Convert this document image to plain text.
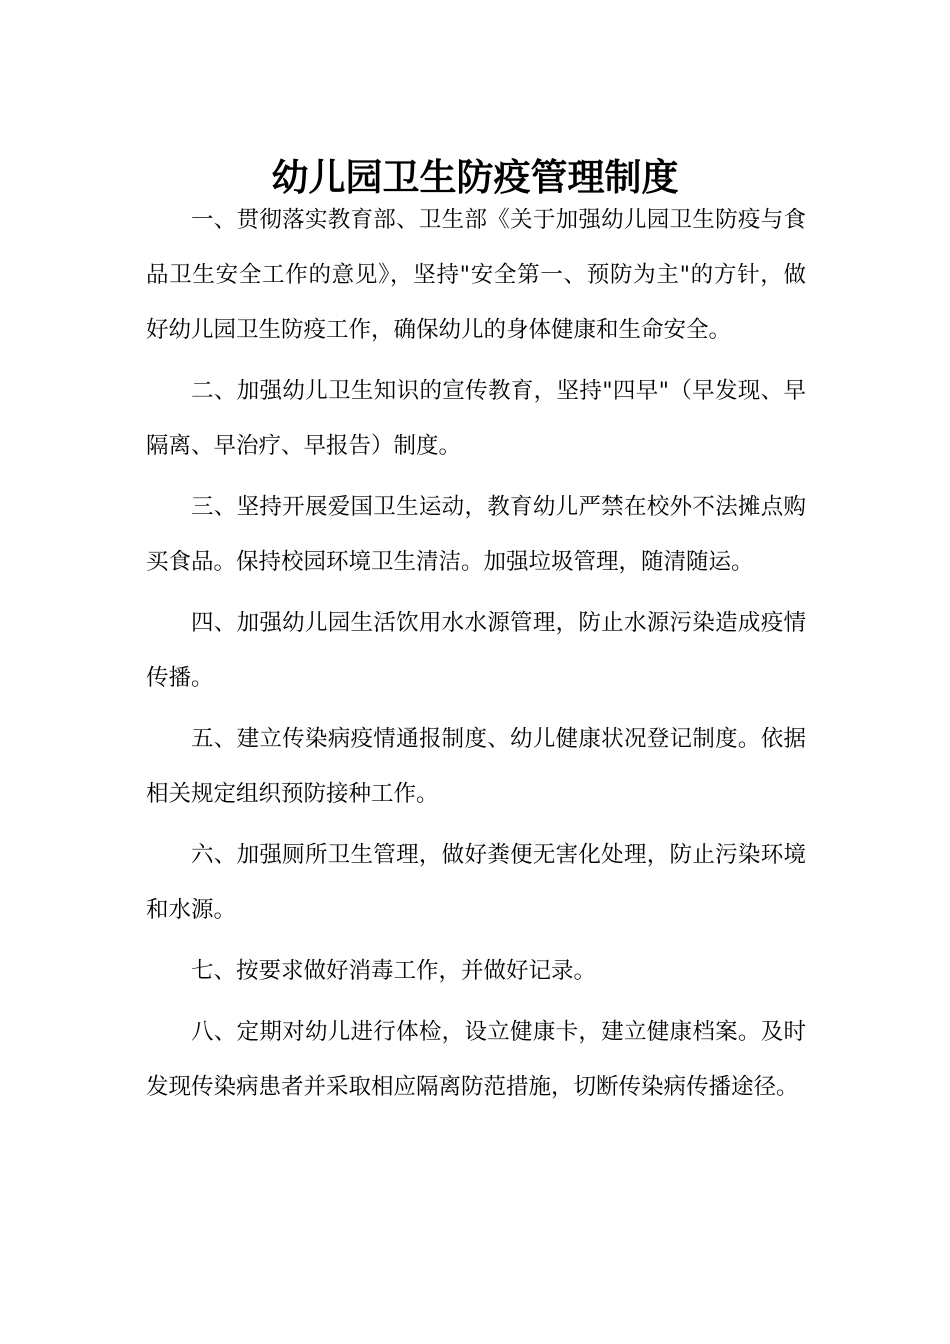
幼儿园卫生防疫管理制度

一、贯彻落实教育部、卫生部《关于加强幼儿园卫生防疫与食品卫生安全工作的意见》，坚持"安全第一、预防为主"的方针，做好幼儿园卫生防疫工作，确保幼儿的身体健康和生命安全。

二、加强幼儿卫生知识的宣传教育，坚持"四早"（早发现、早隔离、早治疗、早报告）制度。

三、坚持开展爱国卫生运动，教育幼儿严禁在校外不法摊点购买食品。保持校园环境卫生清洁。加强垃圾管理，随清随运。

四、加强幼儿园生活饮用水水源管理，防止水源污染造成疫情传播。

五、建立传染病疫情通报制度、幼儿健康状况登记制度。依据相关规定组织预防接种工作。

六、加强厕所卫生管理，做好粪便无害化处理，防止污染环境和水源。

七、按要求做好消毒工作，并做好记录。

八、定期对幼儿进行体检，设立健康卡，建立健康档案。及时发现传染病患者并采取相应隔离防范措施，切断传染病传播途径。
